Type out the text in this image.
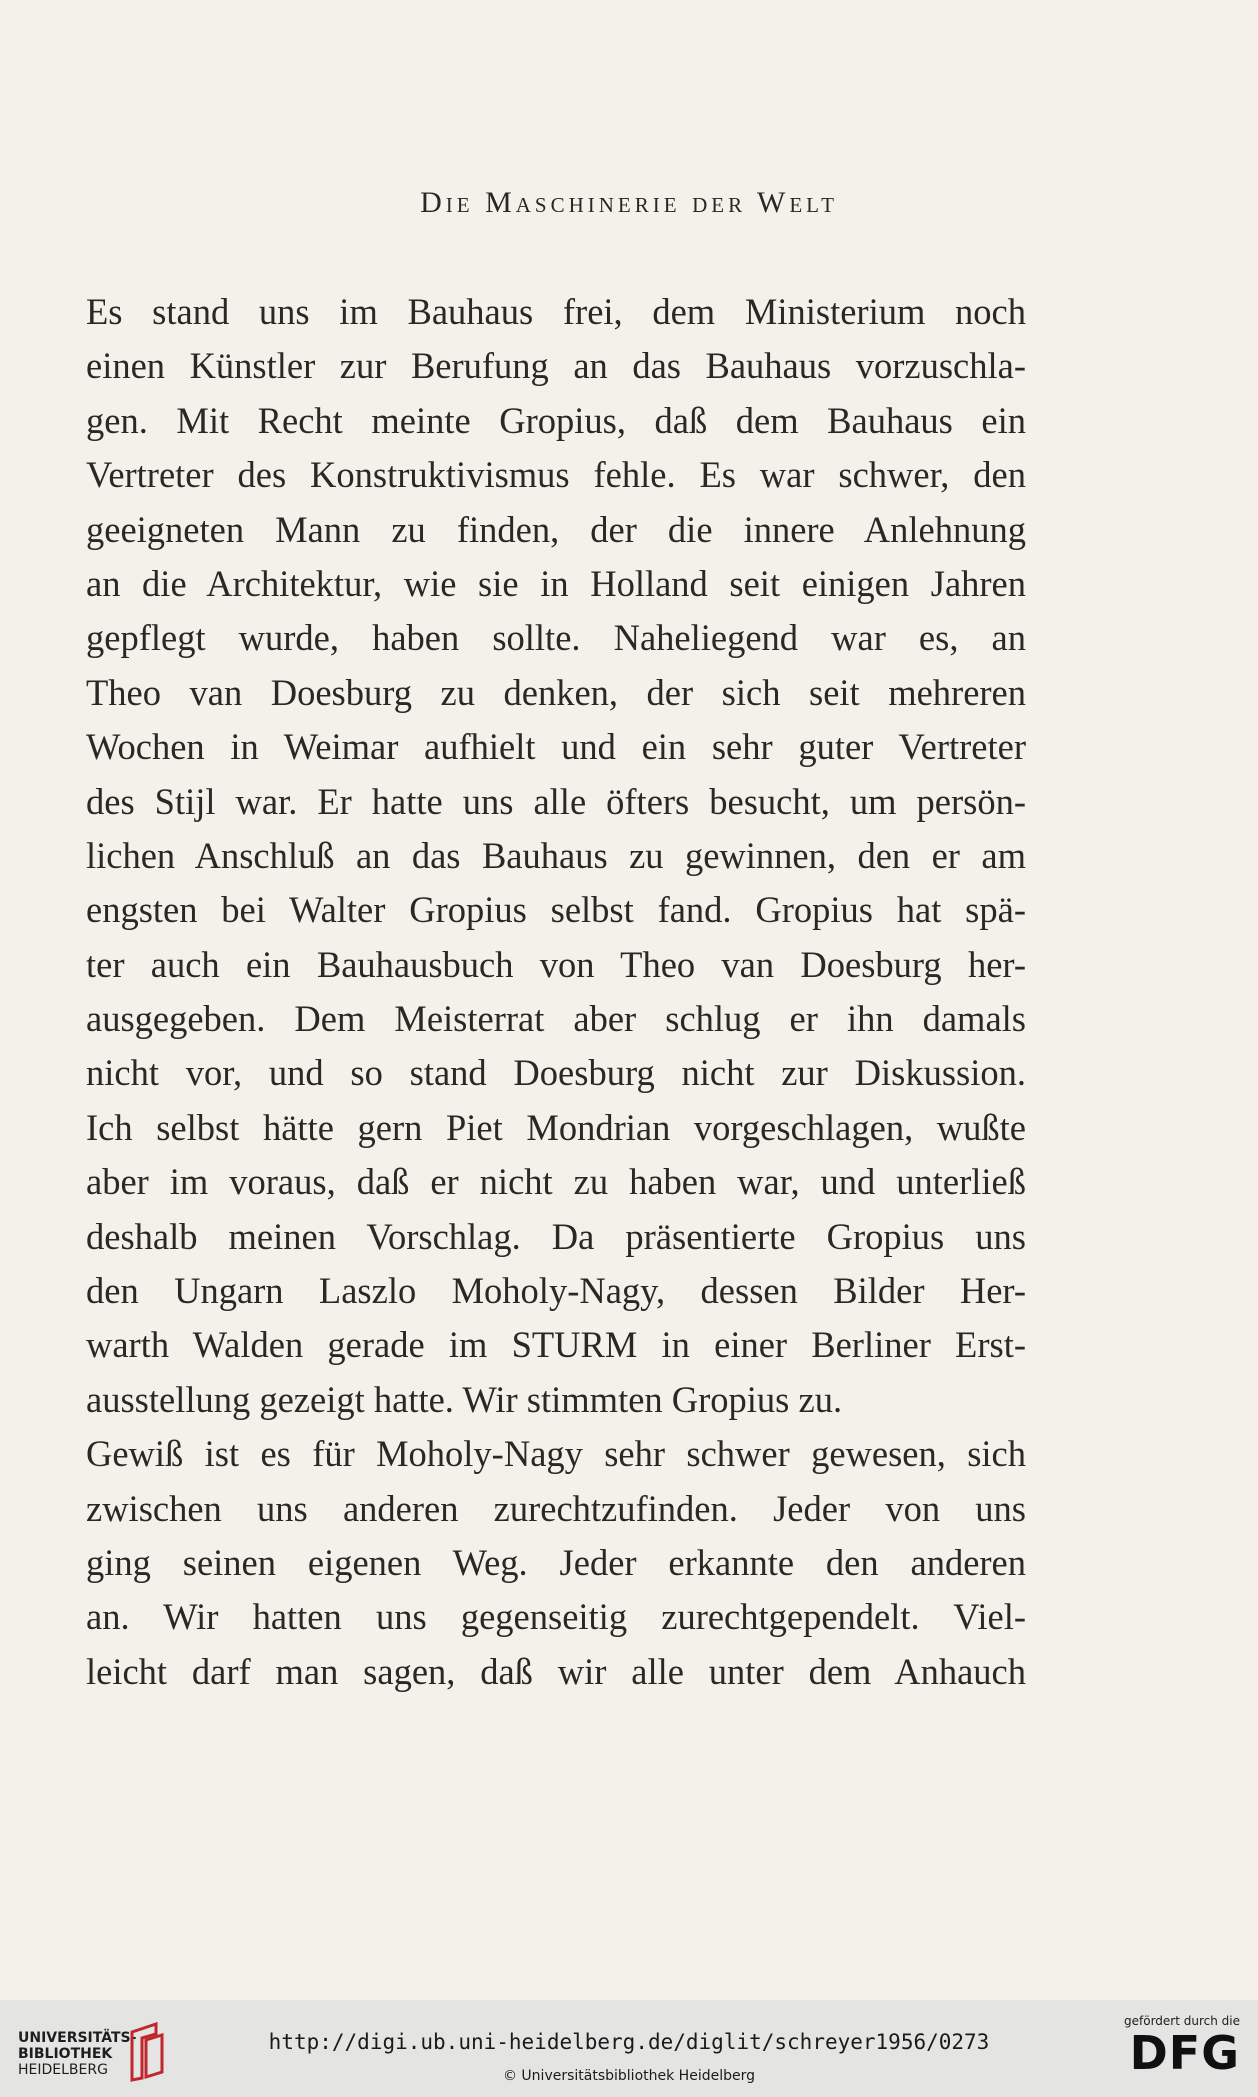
Die Maschinerie der Welt
Es stand uns im Bauhaus frei, dem Ministerium noch
einen Künstler zur Berufung an das Bauhaus vorzuschla-
gen. Mit Recht meinte Gropius, daß dem Bauhaus ein
Vertreter des Konstruktivismus fehle. Es war schwer, den
geeigneten Mann zu finden, der die innere Anlehnung
an die Architektur, wie sie in Holland seit einigen Jahren
gepflegt wurde, haben sollte. Naheliegend war es, an
Theo van Doesburg zu denken, der sich seit mehreren
Wochen in Weimar aufhielt und ein sehr guter Vertreter
des Stijl war. Er hatte uns alle öfters besucht, um persön-
lichen Anschluß an das Bauhaus zu gewinnen, den er am
engsten bei Walter Gropius selbst fand. Gropius hat spä-
ter auch ein Bauhausbuch von Theo van Doesburg her-
ausgegeben. Dem Meisterrat aber schlug er ihn damals
nicht vor, und so stand Doesburg nicht zur Diskussion.
Ich selbst hätte gern Piet Mondrian vorgeschlagen, wußte
aber im voraus, daß er nicht zu haben war, und unterließ
deshalb meinen Vorschlag. Da präsentierte Gropius uns
den Ungarn Laszlo Moholy-Nagy, dessen Bilder Her-
warth Walden gerade im STURM in einer Berliner Erst-
ausstellung gezeigt hatte. Wir stimmten Gropius zu.
Gewiß ist es für Moholy-Nagy sehr schwer gewesen, sich
zwischen uns anderen zurechtzufinden. Jeder von uns
ging seinen eigenen Weg. Jeder erkannte den anderen
an. Wir hatten uns gegenseitig zurechtgependelt. Viel-
leicht darf man sagen, daß wir alle unter dem Anhauch
UNIVERSITÄTS-
BIBLIOTHEK
HEIDELBERG
http://digi.ub.uni-heidelberg.de/diglit/schreyer1956/0273
© Universitätsbibliothek Heidelberg
gefördert durch die
DFG
